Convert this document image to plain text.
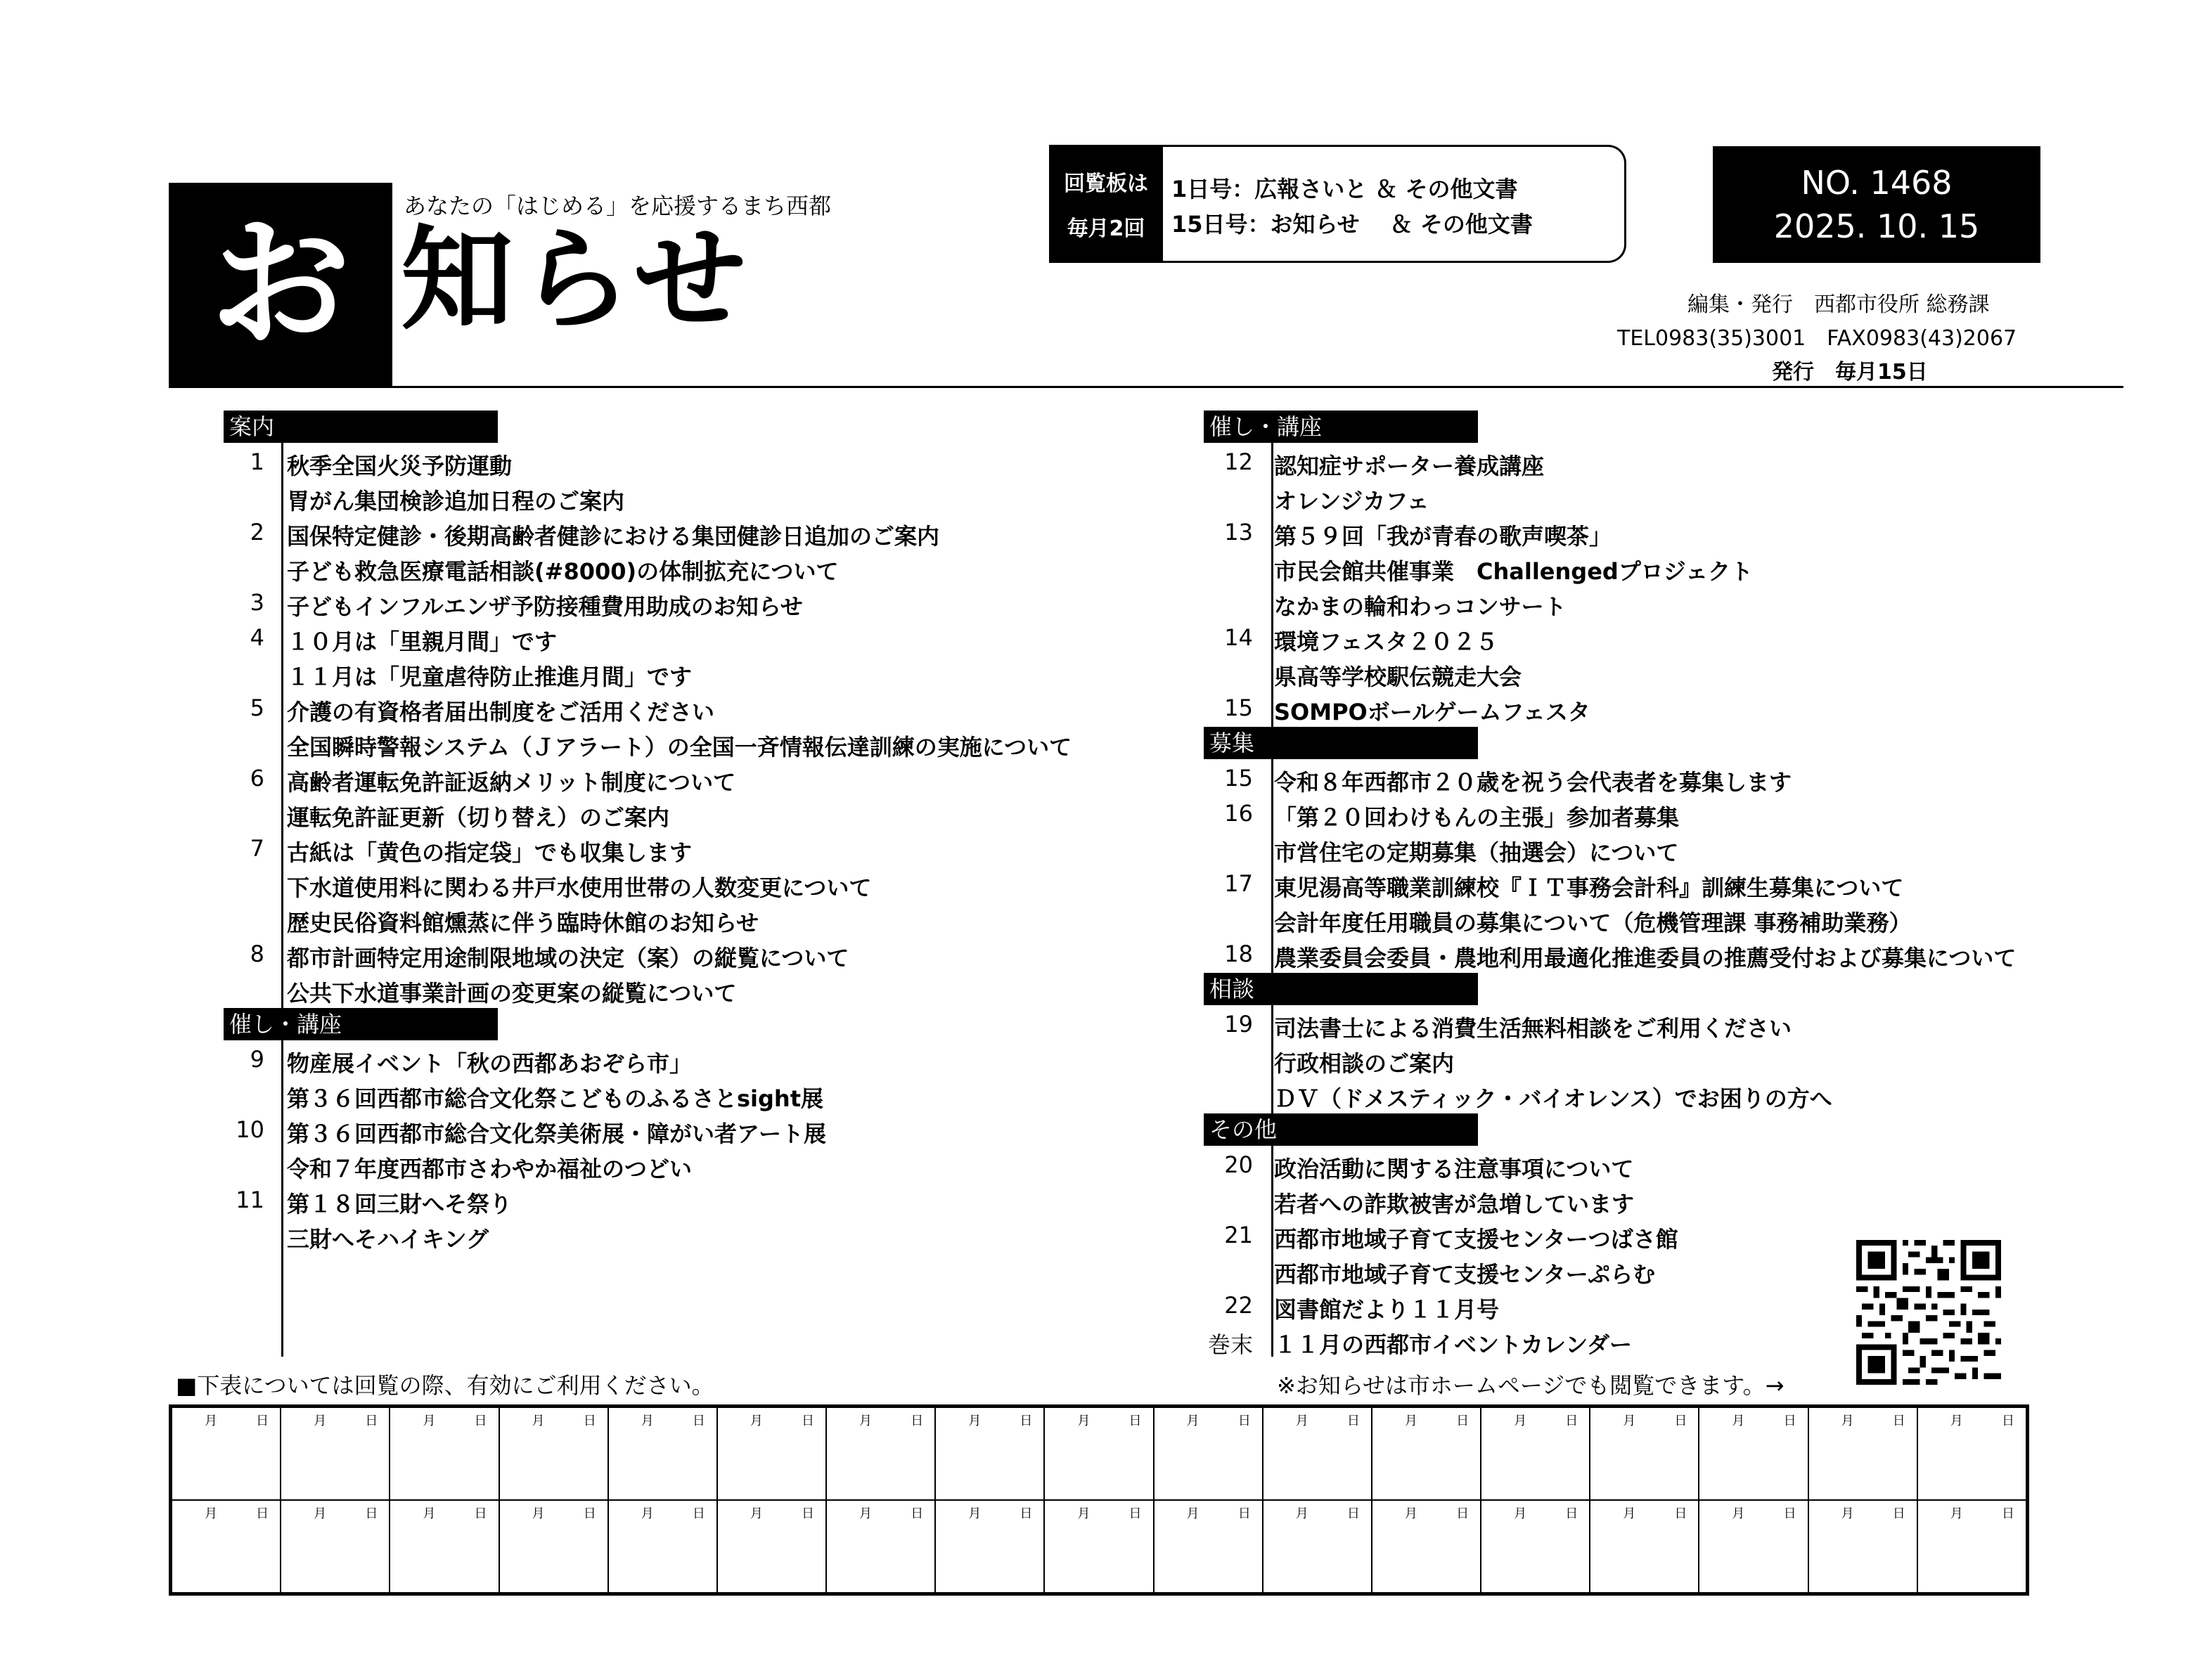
お	あなたの「はじめる」を応援するまち西都
知らせ
回覧板は
毎月2回
1日号：広報さいと ＆ その他文書
15日号：お知らせ　 ＆ その他文書
NO. 1468
2025. 10. 15
編集・発行　西都市役所 総務課
TEL0983(35)3001　FAX0983(43)2067
発行　毎月15日
案内
1 秋季全国火災予防運動
胃がん集団検診追加日程のご案内
2 国保特定健診・後期高齢者健診における集団健診日追加のご案内
子ども救急医療電話相談(#8000)の体制拡充について
3 子どもインフルエンザ予防接種費用助成のお知らせ
4 １０月は「里親月間」です
１１月は「児童虐待防止推進月間」です
5 介護の有資格者届出制度をご活用ください
全国瞬時警報システム（Ｊアラート）の全国一斉情報伝達訓練の実施について
6 高齢者運転免許証返納メリット制度について
運転免許証更新（切り替え）のご案内
7 古紙は「黄色の指定袋」でも収集します
下水道使用料に関わる井戸水使用世帯の人数変更について
歴史民俗資料館燻蒸に伴う臨時休館のお知らせ
8 都市計画特定用途制限地域の決定（案）の縦覧について
公共下水道事業計画の変更案の縦覧について
催し・講座
9 物産展イベント「秋の西都あおぞら市」
第３６回西都市総合文化祭こどものふるさとsight展
10 第３６回西都市総合文化祭美術展・障がい者アート展
令和７年度西都市さわやか福祉のつどい
11 第１８回三財へそ祭り
三財へそハイキング
催し・講座
12 認知症サポーター養成講座
オレンジカフェ
13 第５９回「我が青春の歌声喫茶」
市民会館共催事業　Challengedプロジェクト
なかまの輪和わっコンサート
14 環境フェスタ２０２５
県高等学校駅伝競走大会
15 SOMPOボールゲームフェスタ
募集
15 令和８年西都市２０歳を祝う会代表者を募集します
16 「第２０回わけもんの主張」参加者募集
市営住宅の定期募集（抽選会）について
17 東児湯高等職業訓練校『ＩＴ事務会計科』訓練生募集について
会計年度任用職員の募集について（危機管理課 事務補助業務）
18 農業委員会委員・農地利用最適化推進委員の推薦受付および募集について
相談
19 司法書士による消費生活無料相談をご利用ください
行政相談のご案内
ＤＶ（ドメスティック・バイオレンス）でお困りの方へ
その他
20 政治活動に関する注意事項について
若者への詐欺被害が急増しています
21 西都市地域子育て支援センターつばさ館
西都市地域子育て支援センターぷらむ
22 図書館だより１１月号
巻末 １１月の西都市イベントカレンダー
■下表については回覧の際、有効にご利用ください。	※お知らせは市ホームページでも閲覧できます。→
月 日	月 日	月 日	月 日	月 日	月 日	月 日	月 日	月 日	月 日	月 日	月 日	月 日	月 日	月 日	月 日	月 日

月 日	月 日	月 日	月 日	月 日	月 日	月 日	月 日	月 日	月 日	月 日	月 日	月 日	月 日	月 日	月 日	月 日
